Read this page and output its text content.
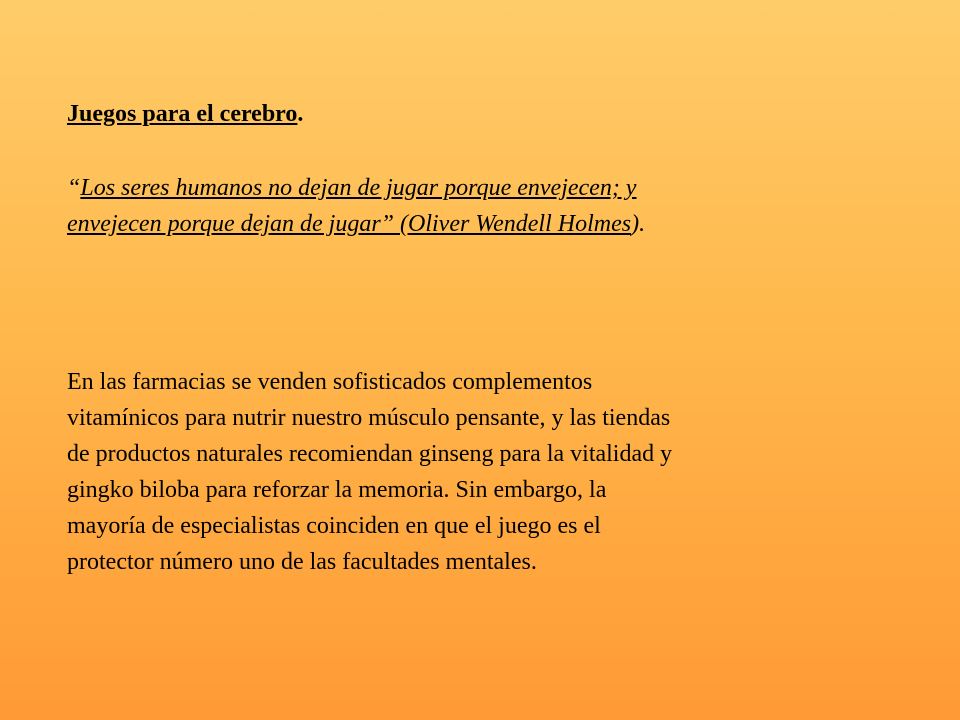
Juegos para el cerebro.

“Los seres humanos no dejan de jugar porque envejecen; y
envejecen porque dejan de jugar” (Oliver Wendell Holmes).

En las farmacias se venden sofisticados complementos
vitamínicos para nutrir nuestro músculo pensante, y las tiendas
de productos naturales recomiendan ginseng para la vitalidad y
gingko biloba para reforzar la memoria. Sin embargo, la
mayoría de especialistas coinciden en que el juego es el
protector número uno de las facultades mentales.
